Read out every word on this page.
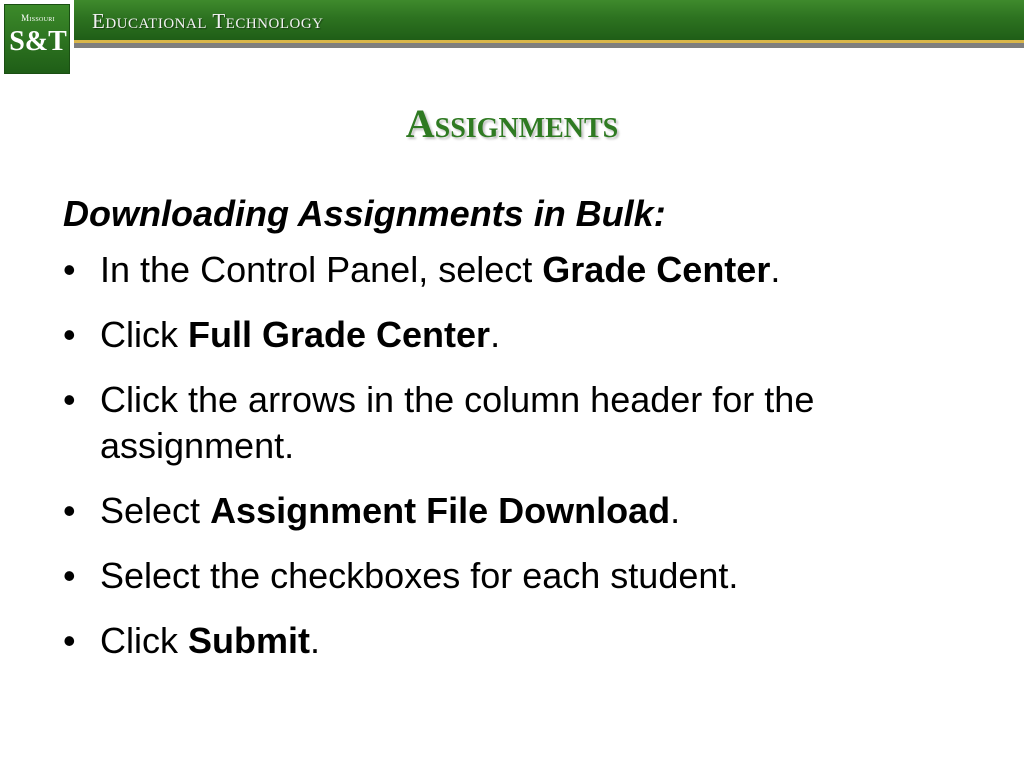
Educational Technology
Missouri
S&T
Assignments
Downloading Assignments in Bulk:
• In the Control Panel, select Grade Center.
• Click Full Grade Center.
• Click the arrows in the column header for the assignment.
• Select Assignment File Download.
• Select the checkboxes for each student.
• Click Submit.
